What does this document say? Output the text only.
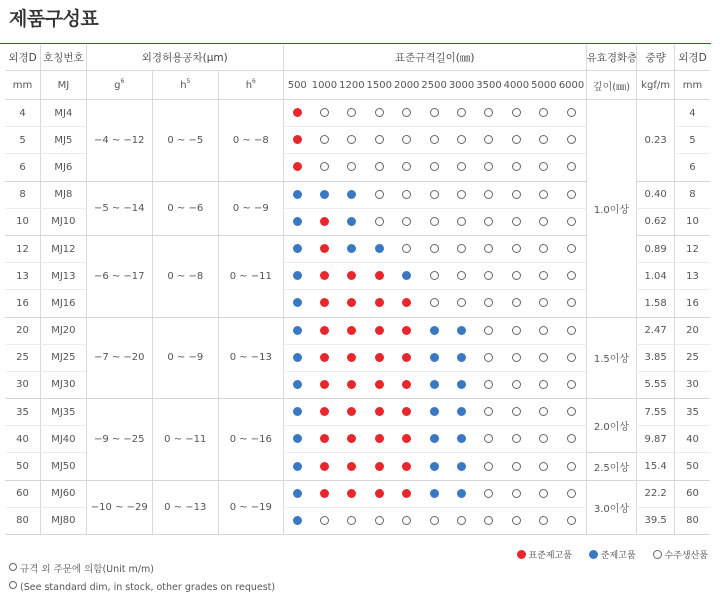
제품구성표
외경D	호칭번호	외경허용공차(μm)			표준규격길이(㎜)											유효경화층	중량	외경D
mm	MJ	$g^6$	$h^5$	$h^6$	500	1000	1200	1500	2000	2500	3000	3500	4000	5000	6000	깊이(㎜)	kgf/m	mm
4	MJ4	−4 ~ −12	0 ~ −5	0 ~ −8												1.0이상	0.23	4
5	MJ5																	5
6	MJ6																	6
8	MJ8	−5 ~ −14	0 ~ −6	0 ~ −9													0.40	8
10	MJ10																0.62	10
12	MJ12	−6 ~ −17	0 ~ −8	0 ~ −11													0.89	12
13	MJ13																1.04	13
16	MJ16																1.58	16
20	MJ20	−7 ~ −20	0 ~ −9	0 ~ −13												1.5이상	2.47	20
25	MJ25																3.85	25
30	MJ30																5.55	30
35	MJ35	−9 ~ −25	0 ~ −11	0 ~ −16												2.0이상	7.55	35
40	MJ40																9.87	40
50	MJ50															2.5이상	15.4	50
60	MJ60	−10 ~ −29	0 ~ −13	0 ~ −19												3.0이상	22.2	60
80	MJ80																39.5	80
표준제고품	준제고품	수주생산품
규격 외 주문에 의함(Unit m/m)
(See standard dim, in stock, other grades on request)
